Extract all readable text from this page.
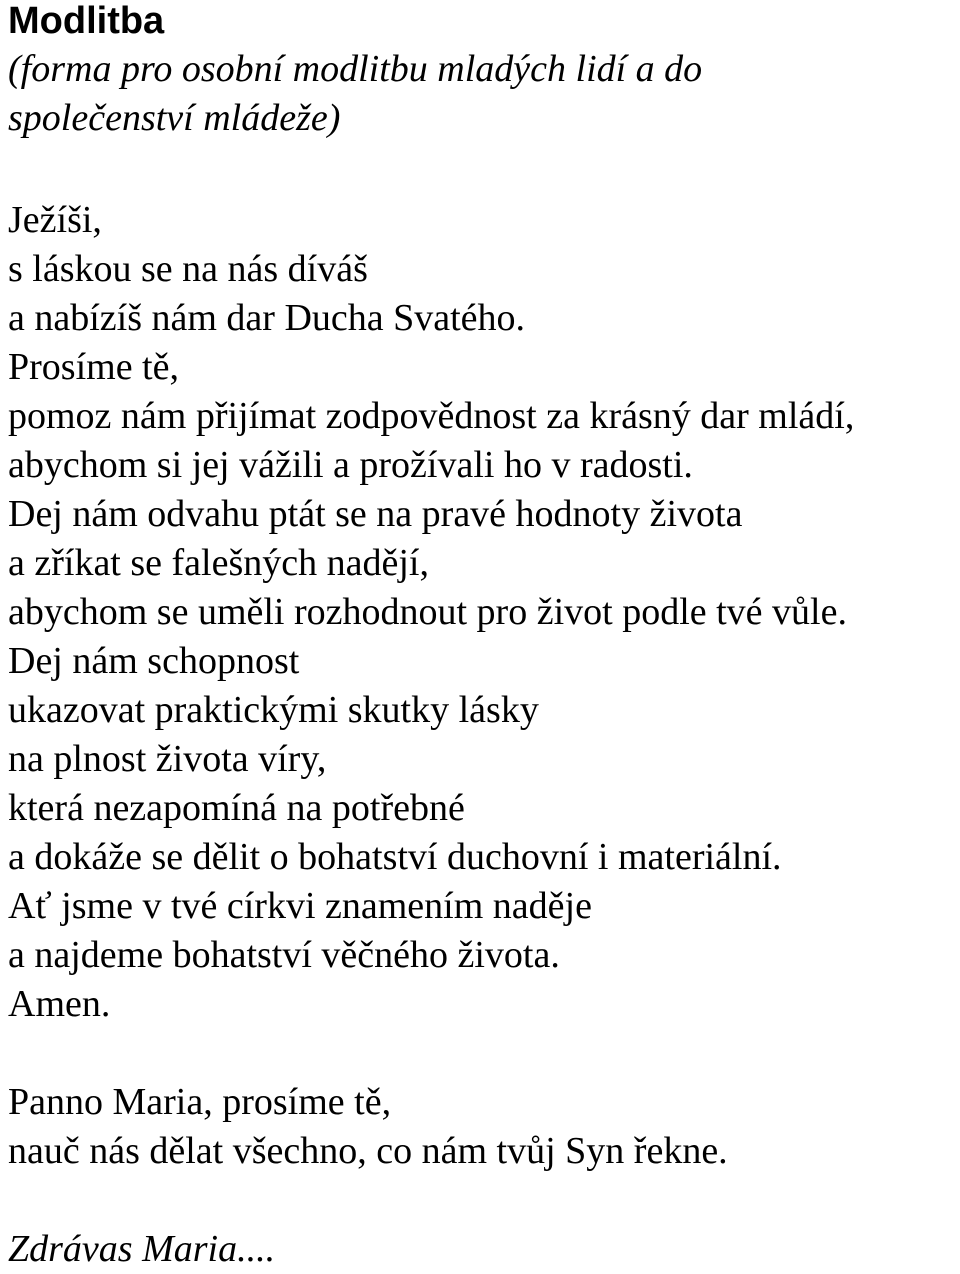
Modlitba

(forma pro osobní modlitbu mladých lidí a do

společenství mládeže)

Ježíši,

s láskou se na nás díváš

a nabízíš nám dar Ducha Svatého.

Prosíme tě,

pomoz nám přijímat zodpovědnost za krásný dar mládí,

abychom si jej vážili a prožívali ho v radosti.

Dej nám odvahu ptát se na pravé hodnoty života

a zříkat se falešných nadějí,

abychom se uměli rozhodnout pro život podle tvé vůle.

Dej nám schopnost

ukazovat praktickými skutky lásky

na plnost života víry,

která nezapomíná na potřebné

a dokáže se dělit o bohatství duchovní i materiální.

Ať jsme v tvé církvi znamením naděje

a najdeme bohatství věčného života.

Amen.

Panno Maria, prosíme tě,

nauč nás dělat všechno, co nám tvůj Syn řekne.

Zdrávas Maria....
